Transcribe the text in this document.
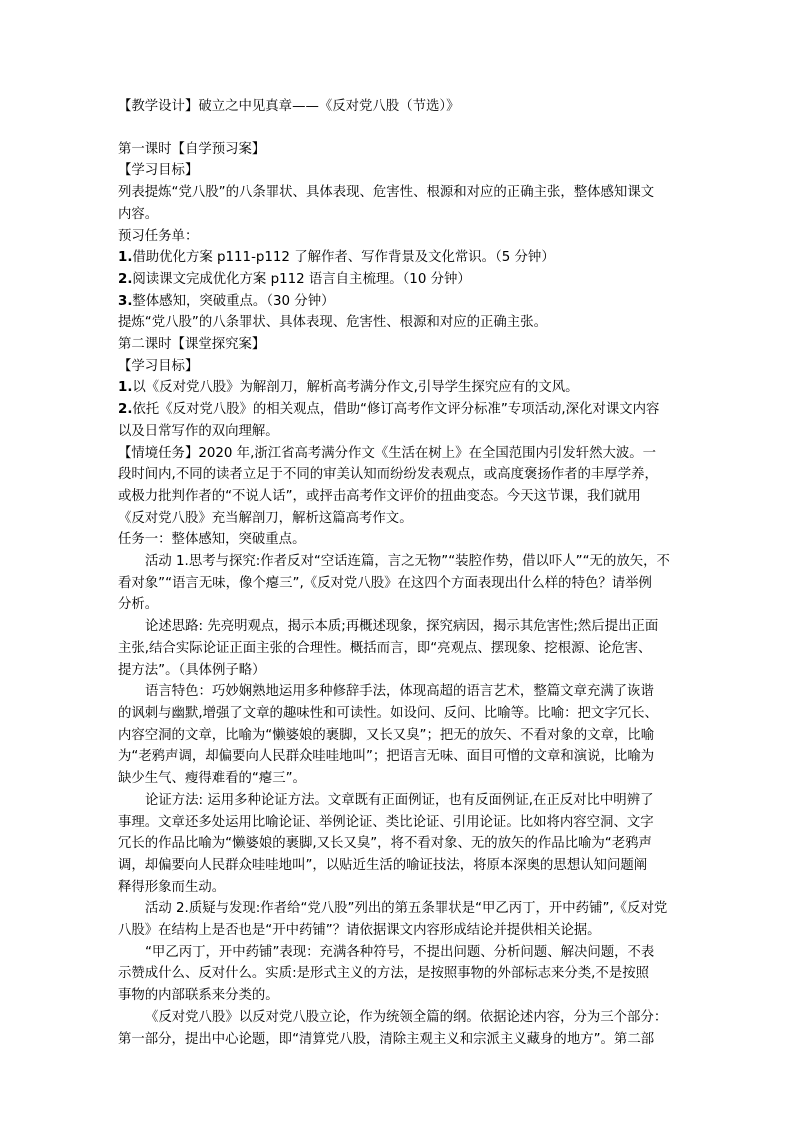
【教学设计】破立之中见真章——《反对党八股（节选）》

第一课时【自学预习案】

【学习目标】

列表提炼“党八股”的八条罪状、具体表现、危害性、根源和对应的正确主张，整体感知课文

内容。

预习任务单：

1.借助优化方案 p111-p112 了解作者、写作背景及文化常识。（5 分钟）

2.阅读课文完成优化方案 p112 语言自主梳理。（10 分钟）

3.整体感知，突破重点。（30 分钟）

提炼“党八股”的八条罪状、具体表现、危害性、根源和对应的正确主张。

第二课时【课堂探究案】

【学习目标】

1.以《反对党八股》为解剖刀，解析高考满分作文,引导学生探究应有的文风。

2.依托《反对党八股》的相关观点，借助“修订高考作文评分标准”专项活动,深化对课文内容

以及日常写作的双向理解。

【情境任务】2020 年,浙江省高考满分作文《生活在树上》在全国范围内引发轩然大波。一

段时间内,不同的读者立足于不同的审美认知而纷纷发表观点，或高度褒扬作者的丰厚学养，

或极力批判作者的“不说人话”，或抨击高考作文评价的扭曲变态。今天这节课，我们就用

《反对党八股》充当解剖刀，解析这篇高考作文。

任务一：整体感知，突破重点。

活动 1.思考与探究:作者反对“空话连篇，言之无物”“装腔作势，借以吓人”“无的放矢，不

看对象”“语言无味，像个瘪三”,《反对党八股》在这四个方面表现出什么样的特色？请举例

分析。

论述思路: 先亮明观点，揭示本质;再概述现象，探究病因，揭示其危害性;然后提出正面

主张,结合实际论证正面主张的合理性。概括而言，即“亮观点、摆现象、挖根源、论危害、

提方法”。（具体例子略）

语言特色：巧妙娴熟地运用多种修辞手法，体现高超的语言艺术，整篇文章充满了诙谐

的讽刺与幽默,增强了文章的趣味性和可读性。如设问、反问、比喻等。比喻：把文字冗长、

内容空洞的文章，比喻为“懒婆娘的裹脚，又长又臭”；把无的放矢、不看对象的文章，比喻

为“老鸦声调，却偏要向人民群众哇哇地叫”；把语言无味、面目可憎的文章和演说，比喻为

缺少生气、瘦得难看的“瘪三”。

论证方法: 运用多种论证方法。文章既有正面例证，也有反面例证,在正反对比中明辨了

事理。文章还多处运用比喻论证、举例论证、类比论证、引用论证。比如将内容空洞、文字

冗长的作品比喻为“懒婆娘的裹脚,又长又臭”，将不看对象、无的放矢的作品比喻为“老鸦声

调，却偏要向人民群众哇哇地叫”，以贴近生活的喻证技法，将原本深奥的思想认知问题阐

释得形象而生动。

活动 2.质疑与发现:作者给“党八股”列出的第五条罪状是“甲乙丙丁，开中药铺”,《反对党

八股》在结构上是否也是“开中药铺”？请依据课文内容形成结论并提供相关论据。

“甲乙丙丁，开中药铺”表现：充满各种符号，不提出问题、分析问题、解决问题，不表

示赞成什么、反对什么。实质:是形式主义的方法，是按照事物的外部标志来分类,不是按照

事物的内部联系来分类的。

《反对党八股》以反对党八股立论，作为统领全篇的纲。依据论述内容，分为三个部分：

第一部分，提出中心论题，即“清算党八股，清除主观主义和宗派主义藏身的地方”。第二部
